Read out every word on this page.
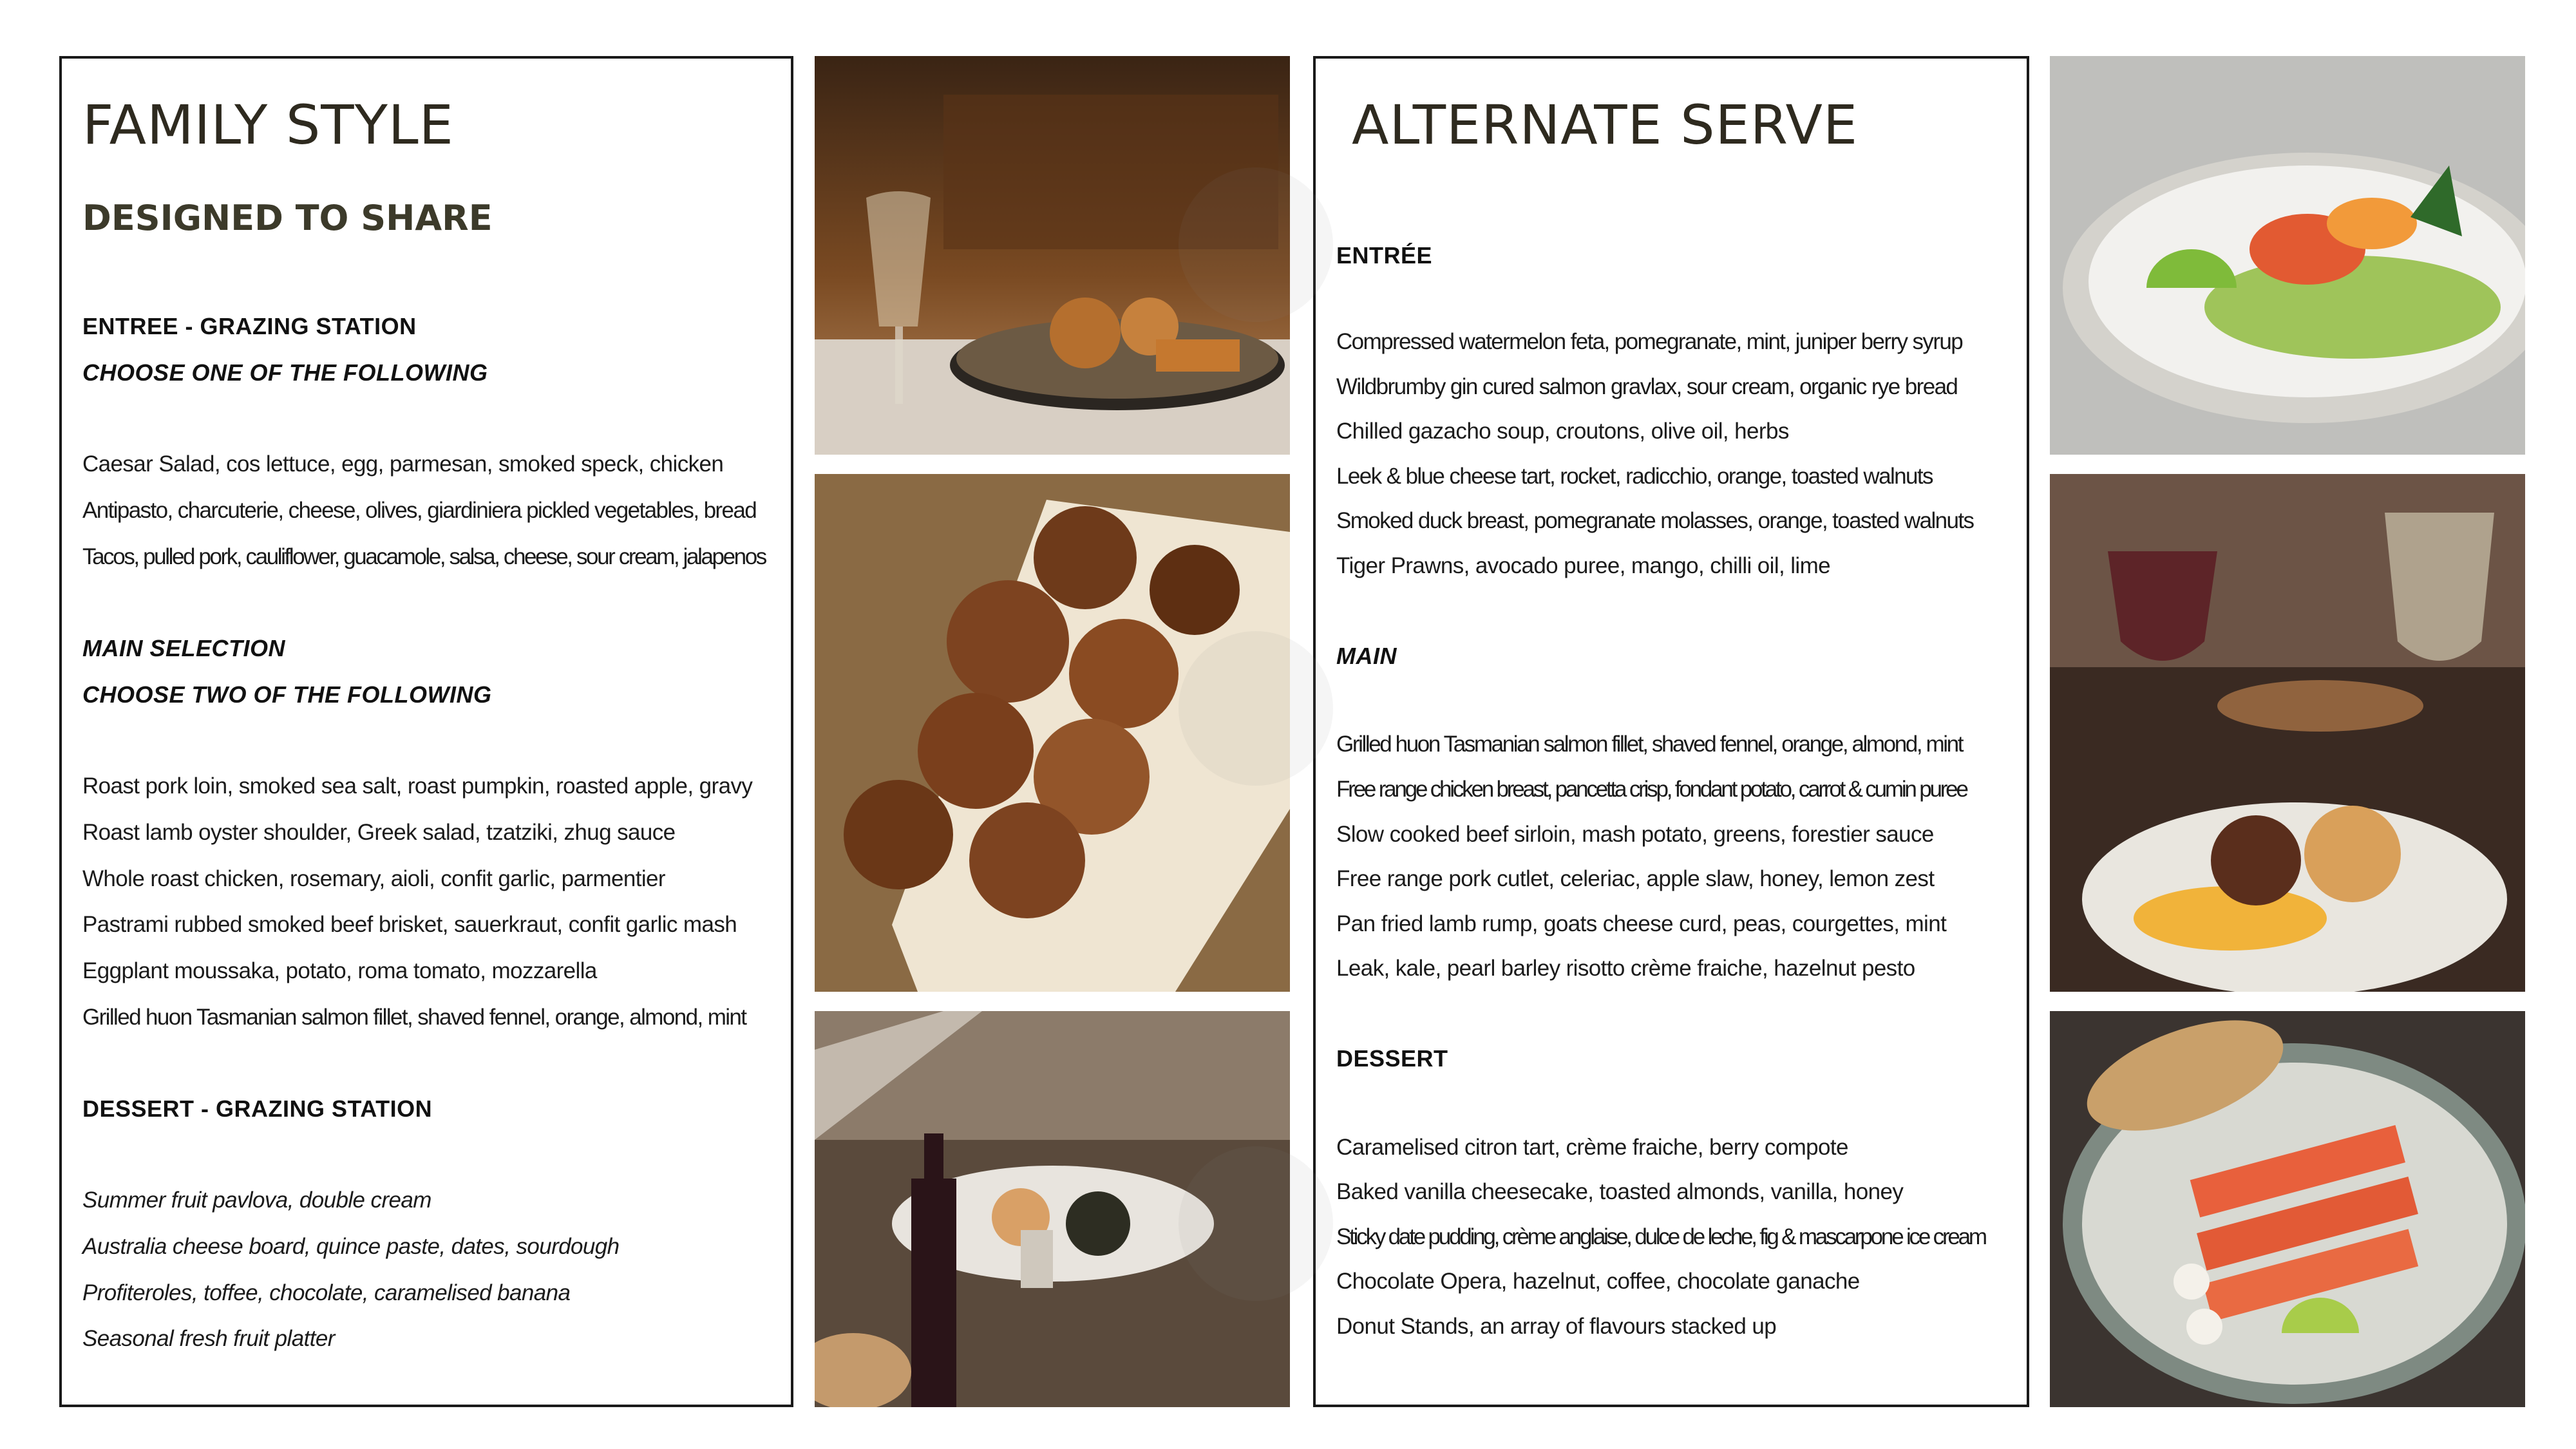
FAMILY STYLE
DESIGNED TO SHARE
ENTREE - GRAZING STATION
CHOOSE ONE OF THE FOLLOWING
Caesar Salad, cos lettuce, egg, parmesan, smoked speck, chicken
Antipasto, charcuterie, cheese, olives, giardiniera pickled vegetables, bread
Tacos, pulled pork, cauliflower, guacamole, salsa, cheese, sour cream, jalapenos
MAIN SELECTION
CHOOSE TWO OF THE FOLLOWING
Roast pork loin, smoked sea salt, roast pumpkin, roasted apple, gravy
Roast lamb oyster shoulder, Greek salad, tzatziki, zhug sauce
Whole roast chicken, rosemary, aioli, confit garlic, parmentier
Pastrami rubbed smoked beef brisket, sauerkraut, confit garlic mash
Eggplant moussaka, potato, roma tomato, mozzarella
Grilled huon Tasmanian salmon fillet, shaved fennel, orange, almond, mint
DESSERT - GRAZING STATION
Summer fruit pavlova, double cream
Australia cheese board, quince paste, dates, sourdough
Profiteroles, toffee, chocolate, caramelised banana
Seasonal fresh fruit platter
ALTERNATE SERVE
ENTRÉE
Compressed watermelon feta, pomegranate, mint, juniper berry syrup
Wildbrumby gin cured salmon gravlax, sour cream, organic rye bread
Chilled gazacho soup, croutons, olive oil, herbs
Leek & blue cheese tart, rocket, radicchio, orange, toasted walnuts
Smoked duck breast, pomegranate molasses, orange, toasted walnuts
Tiger Prawns, avocado puree, mango, chilli oil, lime
MAIN
Grilled huon Tasmanian salmon fillet, shaved fennel, orange, almond, mint
Free range chicken breast, pancetta crisp, fondant potato, carrot & cumin puree
Slow cooked beef sirloin, mash potato, greens, forestier sauce
Free range pork cutlet, celeriac, apple slaw, honey, lemon zest
Pan fried lamb rump, goats cheese curd, peas, courgettes, mint
Leak, kale, pearl barley risotto crème fraiche, hazelnut pesto
DESSERT
Caramelised citron tart, crème fraiche, berry compote
Baked vanilla cheesecake, toasted almonds, vanilla, honey
Sticky date pudding, crème anglaise, dulce de leche, fig & mascarpone ice cream
Chocolate Opera, hazelnut, coffee, chocolate ganache
Donut Stands, an array of flavours stacked up
